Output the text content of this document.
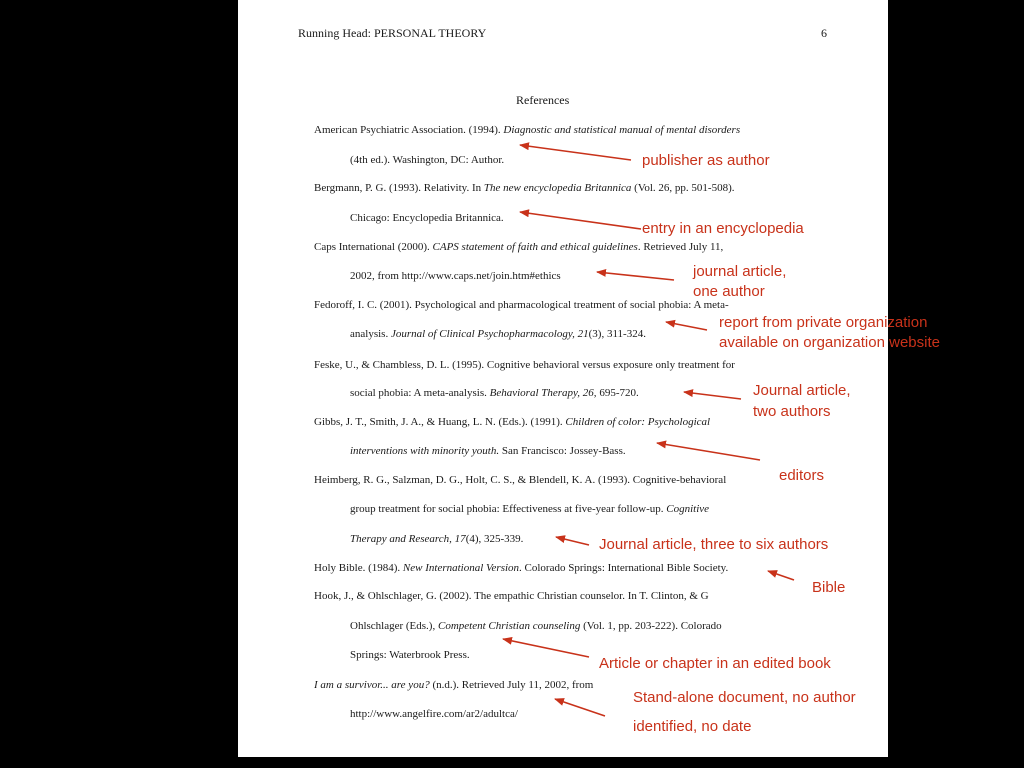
Running Head: PERSONAL THEORY	6
References
American Psychiatric Association. (1994). Diagnostic and statistical manual of mental disorders
(4th ed.). Washington, DC: Author.
Bergmann, P. G. (1993). Relativity. In The new encyclopedia Britannica (Vol. 26, pp. 501-508).
Chicago: Encyclopedia Britannica.
Caps International (2000). CAPS statement of faith and ethical guidelines. Retrieved July 11,
2002, from http://www.caps.net/join.htm#ethics
Fedoroff, I. C. (2001). Psychological and pharmacological treatment of social phobia: A meta-
analysis. Journal of Clinical Psychopharmacology, 21(3), 311-324.
Feske, U., & Chambless, D. L. (1995). Cognitive behavioral versus exposure only treatment for
social phobia: A meta-analysis. Behavioral Therapy, 26, 695-720.
Gibbs, J. T., Smith, J. A., & Huang, L. N. (Eds.). (1991). Children of color: Psychological
interventions with minority youth. San Francisco: Jossey-Bass.
Heimberg, R. G., Salzman, D. G., Holt, C. S., & Blendell, K. A. (1993). Cognitive-behavioral
group treatment for social phobia: Effectiveness at five-year follow-up. Cognitive
Therapy and Research, 17(4), 325-339.
Holy Bible. (1984). New International Version. Colorado Springs: International Bible Society.
Hook, J., & Ohlschlager, G. (2002). The empathic Christian counselor. In T. Clinton, & G
Ohlschlager (Eds.), Competent Christian counseling (Vol. 1, pp. 203-222). Colorado
Springs: Waterbrook Press.
I am a survivor... are you? (n.d.). Retrieved July 11, 2002, from
http://www.angelfire.com/ar2/adultca/
publisher as author
entry in an encyclopedia
journal article,
one author
report from private organization
available on organization website
Journal article,
two authors
editors
Journal article, three to six authors
Bible
Article or chapter in an edited book
Stand-alone document, no author
identified, no date
